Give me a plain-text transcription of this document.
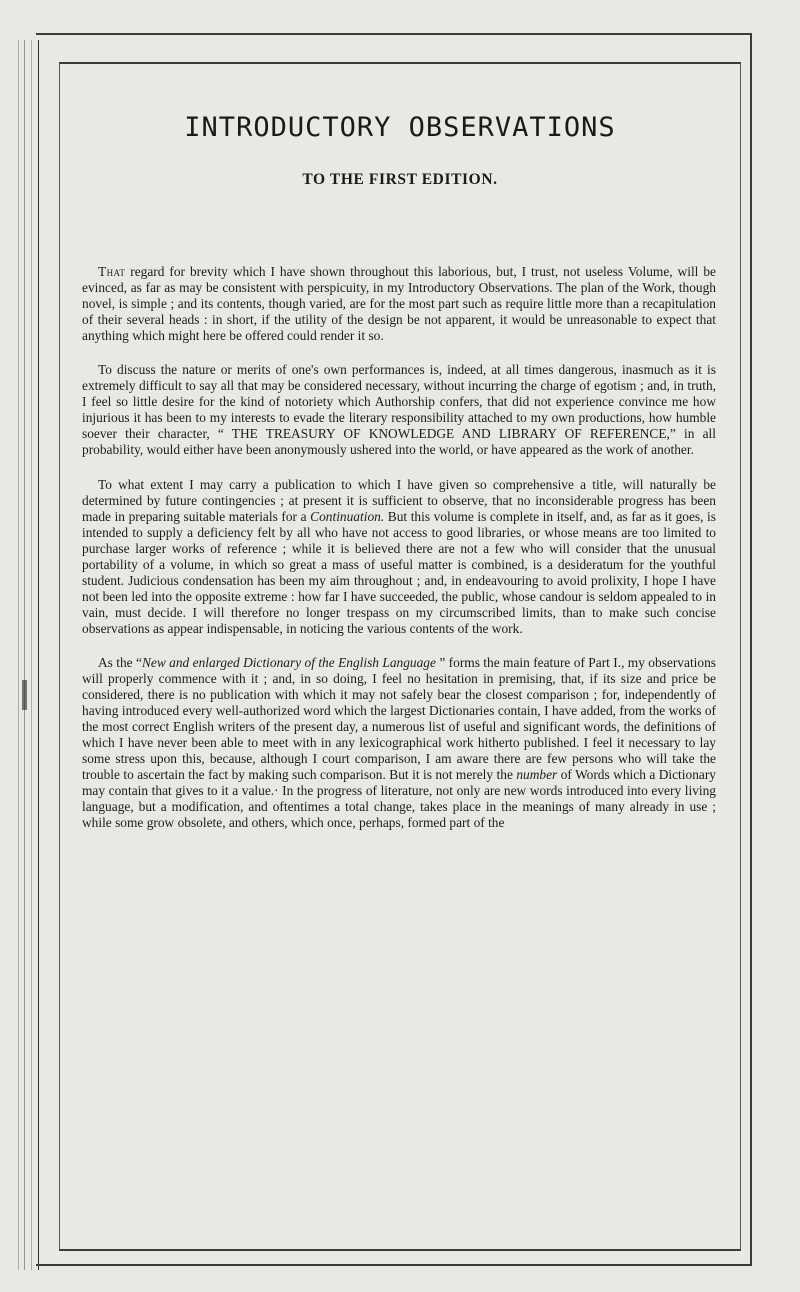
INTRODUCTORY OBSERVATIONS
TO THE FIRST EDITION.

That regard for brevity which I have shown throughout this laborious, but, I trust, not useless Volume, will be evinced, as far as may be consistent with perspicuity, in my Introductory Observations. The plan of the Work, though novel, is simple ; and its contents, though varied, are for the most part such as require little more than a recapitulation of their several heads : in short, if the utility of the design be not apparent, it would be unreasonable to expect that anything which might here be offered could render it so.

To discuss the nature or merits of one's own performances is, indeed, at all times dangerous, inasmuch as it is extremely difficult to say all that may be considered necessary, without incurring the charge of egotism ; and, in truth, I feel so little desire for the kind of notoriety which Authorship confers, that did not experience convince me how injurious it has been to my interests to evade the literary responsibility attached to my own productions, how humble soever their character, “ THE TREASURY OF KNOWLEDGE AND LIBRARY OF REFERENCE,” in all probability, would either have been anonymously ushered into the world, or have appeared as the work of another.

To what extent I may carry a publication to which I have given so comprehensive a title, will naturally be determined by future contingencies ; at present it is sufficient to observe, that no inconsiderable progress has been made in preparing suitable materials for a Continuation. But this volume is complete in itself, and, as far as it goes, is intended to supply a deficiency felt by all who have not access to good libraries, or whose means are too limited to purchase larger works of reference ; while it is believed there are not a few who will consider that the unusual portability of a volume, in which so great a mass of useful matter is combined, is a desideratum for the youthful student. Judicious condensation has been my aim throughout ; and, in endeavouring to avoid prolixity, I hope I have not been led into the opposite extreme : how far I have succeeded, the public, whose candour is seldom appealed to in vain, must decide. I will therefore no longer trespass on my circumscribed limits, than to make such concise observations as appear indispensable, in noticing the various contents of the work.

As the “New and enlarged Dictionary of the English Language ” forms the main feature of Part I., my observations will properly commence with it ; and, in so doing, I feel no hesitation in premising, that, if its size and price be considered, there is no publication with which it may not safely bear the closest comparison ; for, independently of having introduced every well-authorized word which the largest Dictionaries contain, I have added, from the works of the most correct English writers of the present day, a numerous list of useful and significant words, the definitions of which I have never been able to meet with in any lexicographical work hitherto published. I feel it necessary to lay some stress upon this, because, although I court comparison, I am aware there are few persons who will take the trouble to ascertain the fact by making such comparison. But it is not merely the number of Words which a Dictionary may contain that gives to it a value.· In the progress of literature, not only are new words introduced into every living language, but a modification, and oftentimes a total change, takes place in the meanings of many already in use ; while some grow obsolete, and others, which once, perhaps, formed part of the
